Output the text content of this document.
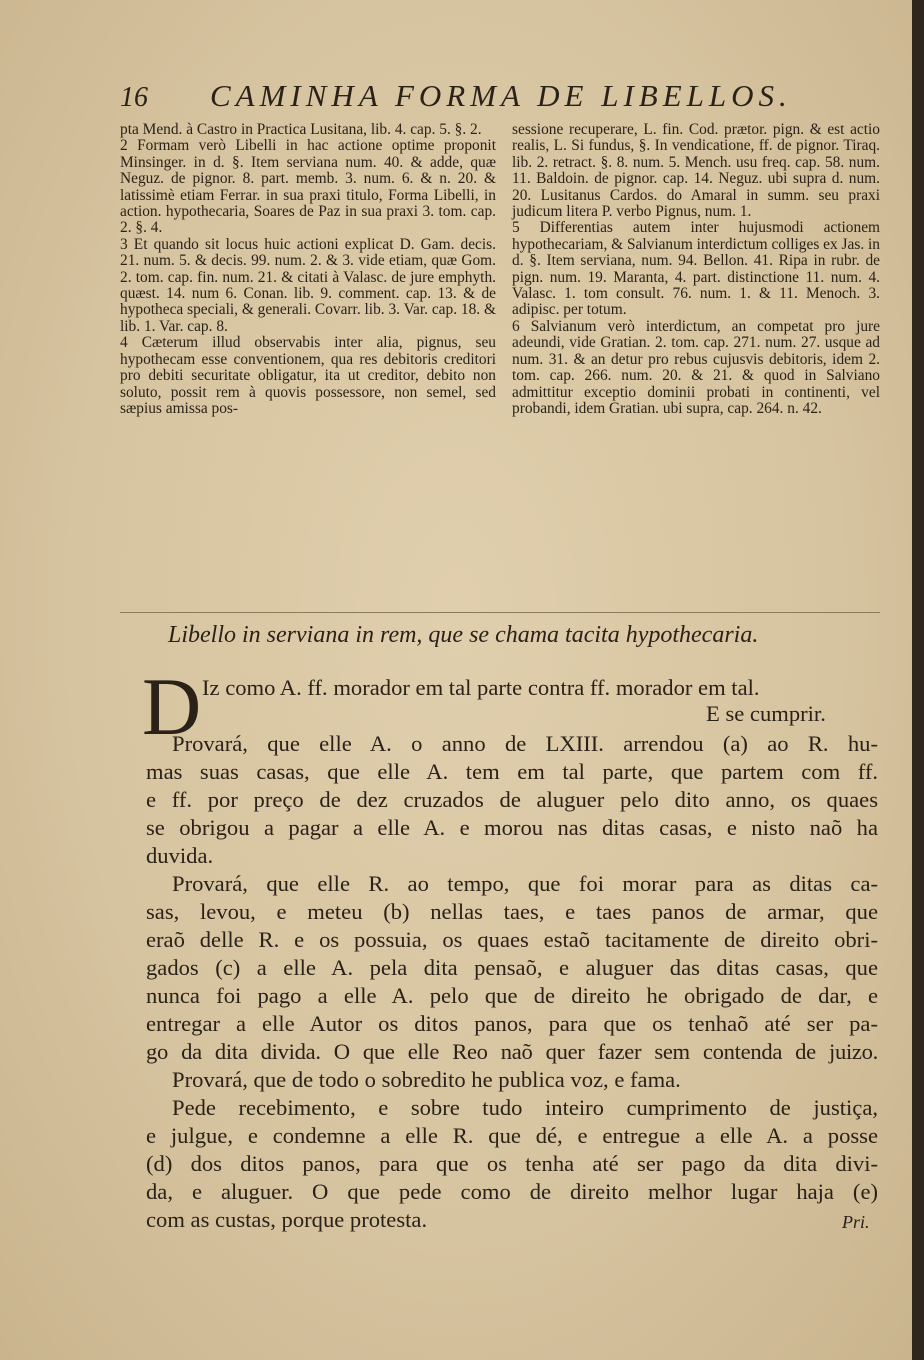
16 CAMINHA FORMA DE LIBELLOS.

pta Mend. à Castro in Practica Lusitana, lib. 4. cap. 5. §. 2.

2 Formam verò Libelli in hac actione optime proponit Minsinger. in d. §. Item serviana num. 40. & adde, quæ Neguz. de pignor. 8. part. memb. 3. num. 6. & n. 20. & latissimè etiam Ferrar. in sua praxi titulo, Forma Libelli, in action. hypothecaria, Soares de Paz in sua praxi 3. tom. cap. 2. §. 4.

3 Et quando sit locus huic actioni explicat D. Gam. decis. 21. num. 5. & decis. 99. num. 2. & 3. vide etiam, quæ Gom. 2. tom. cap. fin. num. 21. & citati à Valasc. de jure emphyth. quæst. 14. num 6. Conan. lib. 9. comment. cap. 13. & de hypotheca speciali, & generali. Covarr. lib. 3. Var. cap. 18. & lib. 1. Var. cap. 8.

4 Cæterum illud observabis inter alia, pignus, seu hypothecam esse conventionem, qua res debitoris creditori pro debiti securitate obligatur, ita ut creditor, debito non soluto, possit rem à quovis possessore, non semel, sed sæpius amissa pos-

sessione recuperare, L. fin. Cod. prætor. pign. & est actio realis, L. Si fundus, §. In vendicatione, ff. de pignor. Tiraq. lib. 2. retract. §. 8. num. 5. Mench. usu freq. cap. 58. num. 11. Baldoin. de pignor. cap. 14. Neguz. ubi supra d. num. 20. Lusitanus Cardos. do Amaral in summ. seu praxi judicum litera P. verbo Pignus, num. 1.

5 Differentias autem inter hujusmodi actionem hypothecariam, & Salvianum interdictum colliges ex Jas. in d. §. Item serviana, num. 94. Bellon. 41. Ripa in rubr. de pign. num. 19. Maranta, 4. part. distinctione 11. num. 4. Valasc. 1. tom consult. 76. num. 1. & 11. Menoch. 3. adipisc. per totum.

6 Salvianum verò interdictum, an competat pro jure adeundi, vide Gratian. 2. tom. cap. 271. num. 27. usque ad num. 31. & an detur pro rebus cujusvis debitoris, idem 2. tom. cap. 266. num. 20. & 21. & quod in Salviano admittitur exceptio dominii probati in continenti, vel probandi, idem Gratian. ubi supra, cap. 264. n. 42.

Libello in serviana in rem, que se chama tacita hypothecaria.
D Iz como A. ff. morador em tal parte contra ff. morador em tal.
E se cumprir.
Provará, que elle A. o anno de LXIII. arrendou (a) ao R. hu-
mas suas casas, que elle A. tem em tal parte, que partem com ff.
e ff. por preço de dez cruzados de aluguer pelo dito anno, os quaes
se obrigou a pagar a elle A. e morou nas ditas casas, e nisto naõ ha
duvida.
Provará, que elle R. ao tempo, que foi morar para as ditas ca-
sas, levou, e meteu (b) nellas taes, e taes panos de armar, que
eraõ delle R. e os possuia, os quaes estaõ tacitamente de direito obri-
gados (c) a elle A. pela dita pensaõ, e aluguer das ditas casas, que
nunca foi pago a elle A. pelo que de direito he obrigado de dar, e
entregar a elle Autor os ditos panos, para que os tenhaõ até ser pa-
go da dita divida. O que elle Reo naõ quer fazer sem contenda de juizo.
Provará, que de todo o sobredito he publica voz, e fama.
Pede recebimento, e sobre tudo inteiro cumprimento de justiça,
e julgue, e condemne a elle R. que dé, e entregue a elle A. a posse
(d) dos ditos panos, para que os tenha até ser pago da dita divi-
da, e aluguer. O que pede como de direito melhor lugar haja (e)
com as custas, porque protesta.	Pri.
